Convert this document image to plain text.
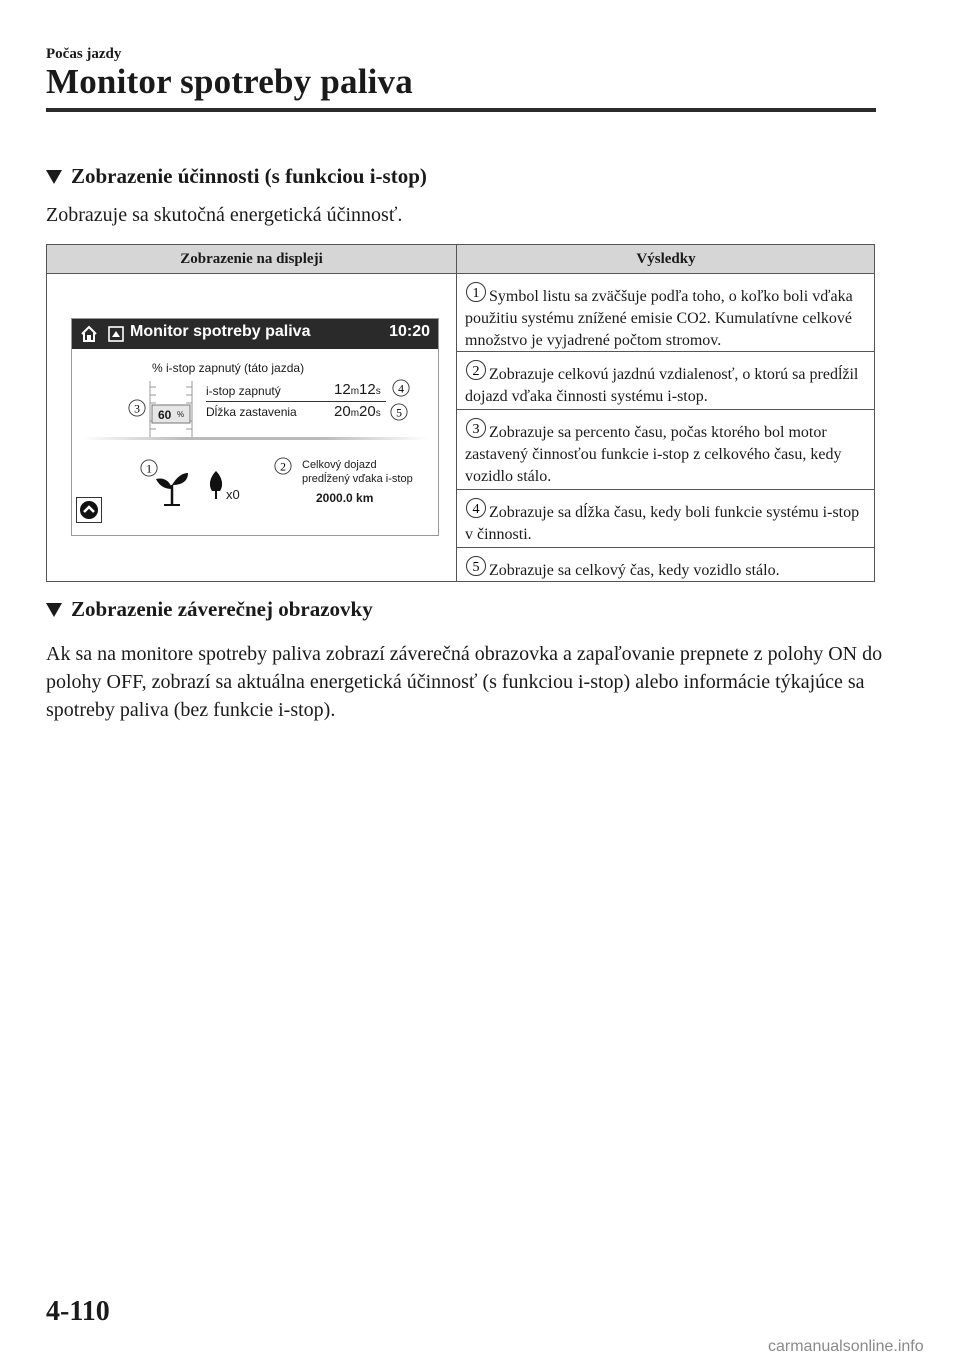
Počas jazdy
Monitor spotreby paliva
Zobrazenie účinnosti (s funkciou i-stop)
Zobrazuje sa skutočná energetická účinnosť.
Zobrazenie na displeji	Výsledky
Monitor spotreby paliva	10:20
% i-stop zapnutý (táto jazda)
60 %
i-stop zapnutý	12m12s
Dĺžka zastavenia 20m20s
3
4
5
1
x0
2 Celkový dojazd
predĺžený vďaka i-stop
2000.0 km
1 Symbol listu sa zväčšuje podľa toho, o koľko boli vďaka použitiu systému znížené emisie CO2. Kumulatívne celkové množstvo je vyjadrené počtom stromov.
2 Zobrazuje celkovú jazdnú vzdialenosť, o ktorú sa predĺžil dojazd vďaka činnosti systému i-stop.
3 Zobrazuje sa percento času, počas ktorého bol motor zastavený činnosťou funkcie i-stop z celkového času, kedy vozidlo stálo.
4 Zobrazuje sa dĺžka času, kedy boli funkcie systému i-stop v činnosti.
5 Zobrazuje sa celkový čas, kedy vozidlo stálo.
Zobrazenie záverečnej obrazovky
Ak sa na monitore spotreby paliva zobrazí záverečná obrazovka a zapaľovanie prepnete z polohy ON do polohy OFF, zobrazí sa aktuálna energetická účinnosť (s funkciou i-stop) alebo informácie týkajúce sa spotreby paliva (bez funkcie i-stop).
4-110
carmanualsonline.info
